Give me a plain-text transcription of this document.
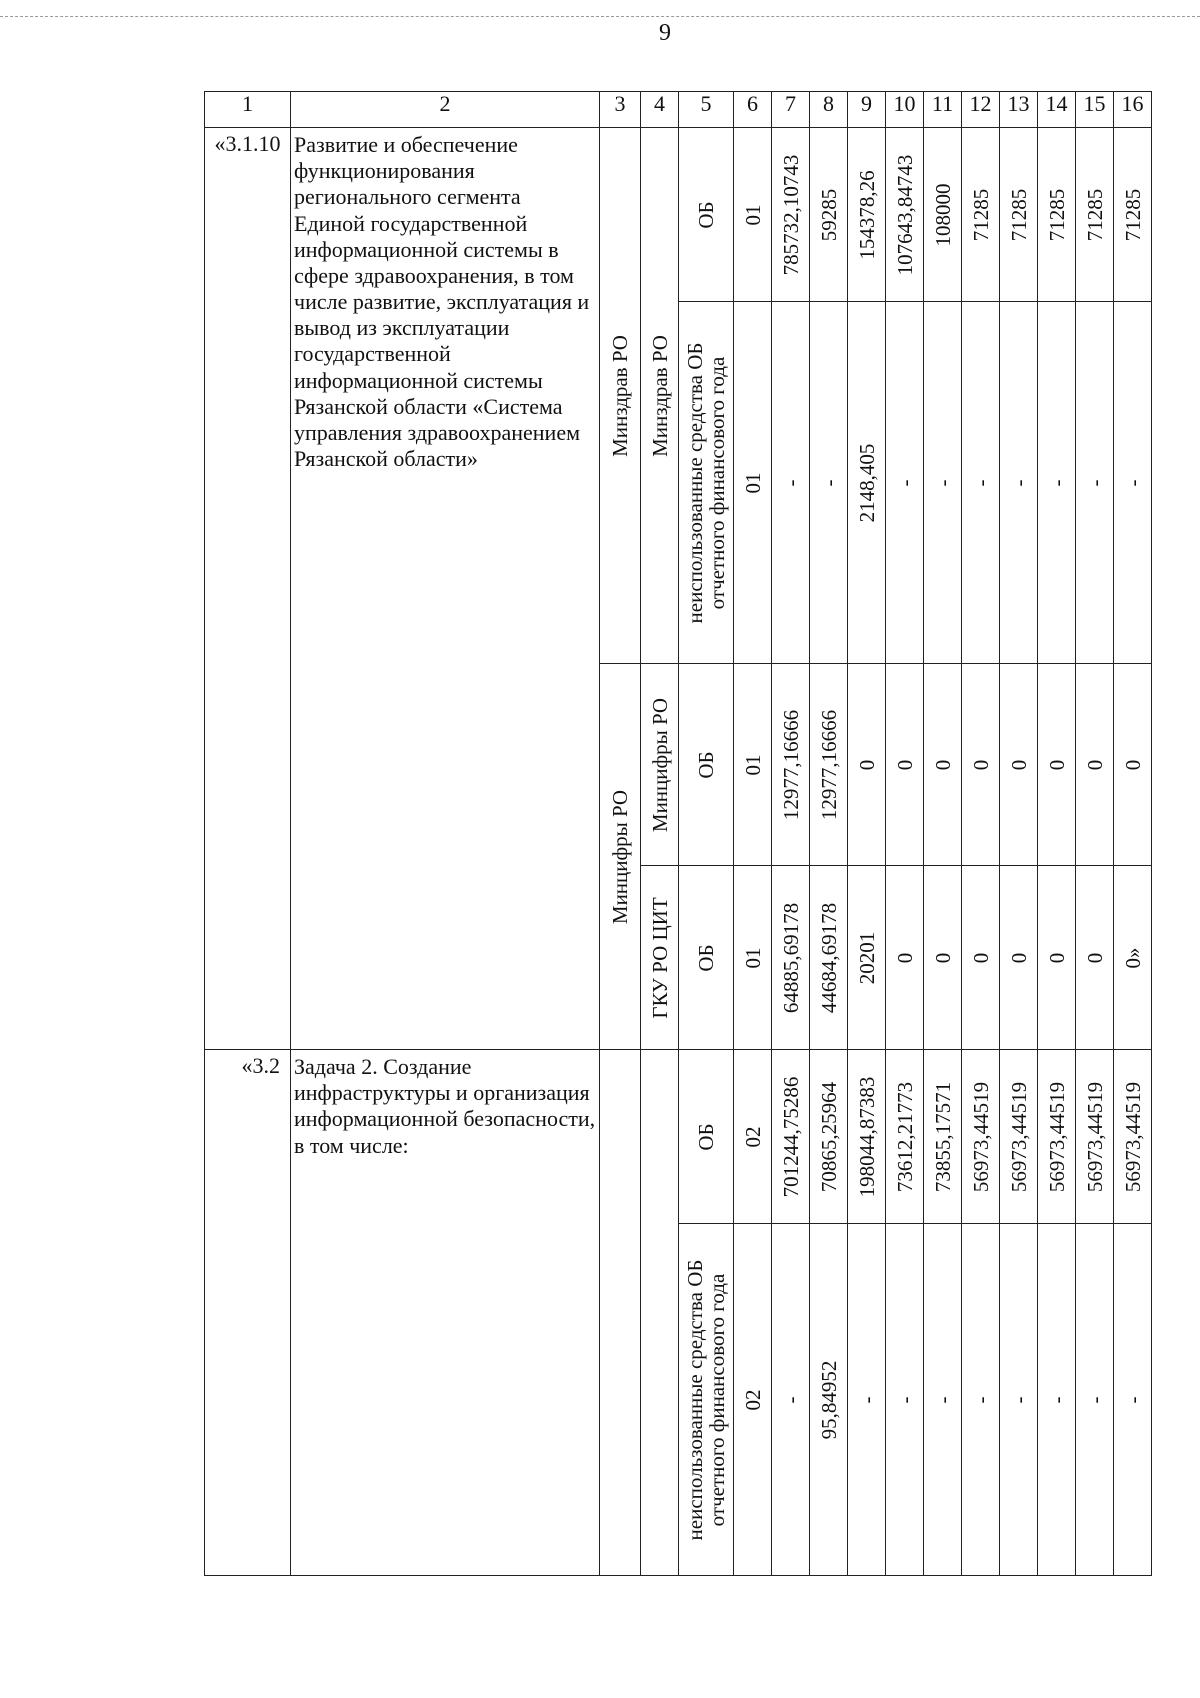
9
1	2	3	4	5	6	7	8	9	10	11	12	13	14	15	16
«3.1.10	Развитие и обеспечение функционирования регионального сегмента Единой государственной информационной системы в сфере здравоохранения, в том числе развитие, эксплуатация и вывод из эксплуатации государственной информационной системы Рязанской области «Система управления здравоохранением Рязанской области»	Минздрав РО	Минздрав РО	ОБ	01	785732,10743	59285	154378,26	107643,84743	108000	71285	71285	71285	71285	71285

				неиспользованные средства ОБ отчетного финансового года	01	-	-	2148,405	-	-	-	-	-	-	-

		Минцифры РО	Минцифры РО	ОБ	01	12977,16666	12977,16666	0	0	0	0	0	0	0	0

			ГКУ РО ЦИТ	ОБ	01	64885,69178	44684,69178	20201	0	0	0	0	0	0	0»

«3.2	Задача 2. Создание инфраструктуры и организация информационной безопасности, в том числе:			ОБ	02	701244,75286	70865,25964	198044,87383	73612,21773	73855,17571	56973,44519	56973,44519	56973,44519	56973,44519	56973,44519

				неиспользованные средства ОБ отчетного финансового года	02	-	95,84952	-	-	-	-	-	-	-	-
